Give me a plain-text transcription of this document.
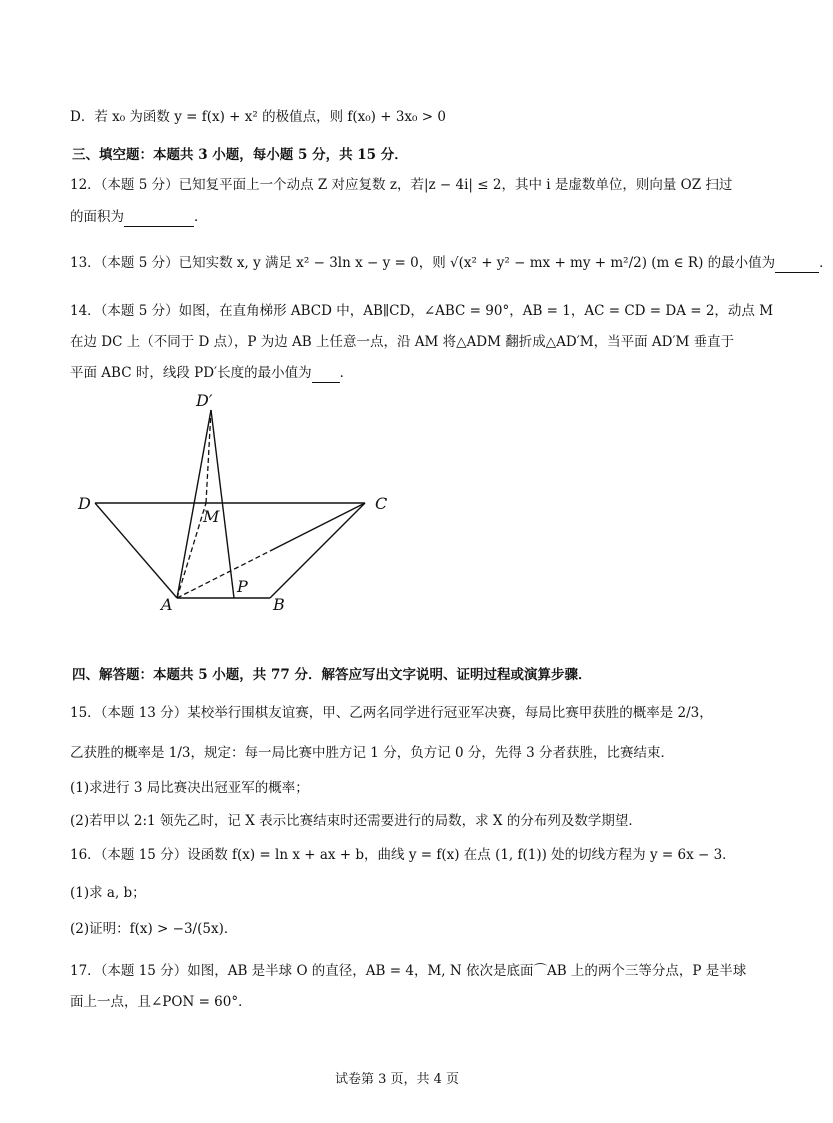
D．若 x₀ 为函数 y = f(x) + x² 的极值点，则 f(x₀) + 3x₀ > 0
三、填空题：本题共 3 小题，每小题 5 分，共 15 分．
12．（本题 5 分）已知复平面上一个动点 Z 对应复数 z，若|z − 4i| ≤ 2，其中 i 是虚数单位，则向量 OZ 扫过
的面积为	．
13．（本题 5 分）已知实数 x, y 满足 x² − 3ln x − y = 0，则 √(x² + y² − mx + my + m²/2) (m ∈ R) 的最小值为	．
14．（本题 5 分）如图，在直角梯形 ABCD 中，AB∥CD，∠ABC = 90°，AB = 1，AC = CD = DA = 2，动点 M
在边 DC 上（不同于 D 点），P 为边 AB 上任意一点，沿 AM 将△ADM 翻折成△AD′M，当平面 AD′M 垂直于
平面 ABC 时，线段 PD′长度的最小值为 ．
D′
D
M
C
P
A	B
四、解答题：本题共 5 小题，共 77 分．解答应写出文字说明、证明过程或演算步骤．
15．（本题 13 分）某校举行围棋友谊赛，甲、乙两名同学进行冠亚军决赛，每局比赛甲获胜的概率是 2/3，
乙获胜的概率是 1/3，规定：每一局比赛中胜方记 1 分，负方记 0 分，先得 3 分者获胜，比赛结束．
(1)求进行 3 局比赛决出冠亚军的概率；
(2)若甲以 2:1 领先乙时，记 X 表示比赛结束时还需要进行的局数，求 X 的分布列及数学期望．
16．（本题 15 分）设函数 f(x) = ln x + ax + b，曲线 y = f(x) 在点 (1, f(1)) 处的切线方程为 y = 6x − 3．
(1)求 a, b；
(2)证明：f(x) > −3/(5x)．
17．（本题 15 分）如图，AB 是半球 O 的直径，AB = 4，M, N 依次是底面⌒AB 上的两个三等分点，P 是半球
面上一点，且∠PON = 60°．
试卷第 3 页，共 4 页
